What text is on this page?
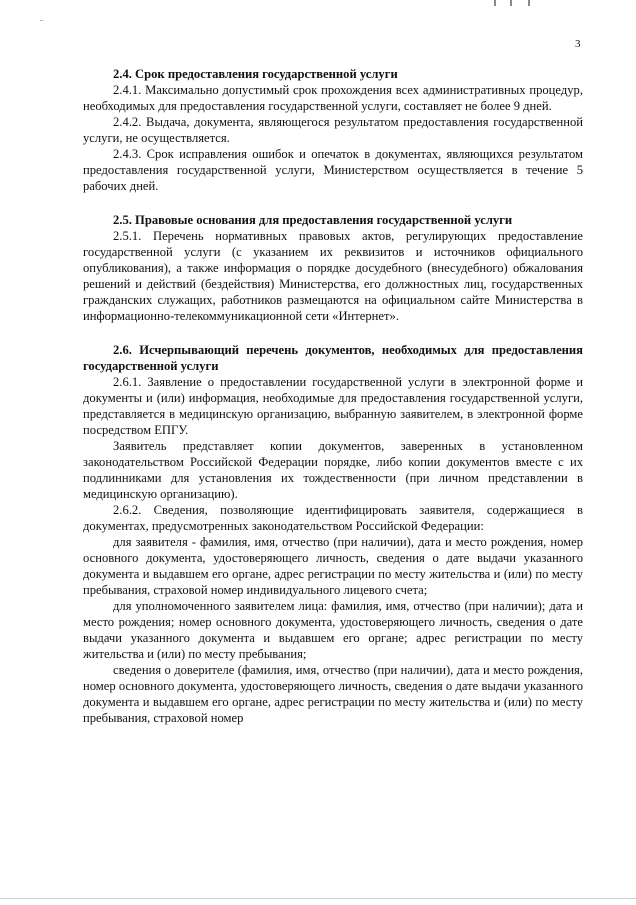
3

2.4. Срок предоставления государственной услуги

2.4.1. Максимально допустимый срок прохождения всех административных процедур, необходимых для предоставления государственной услуги, составляет не более 9 дней.

2.4.2. Выдача, документа, являющегося результатом предоставления государственной услуги, не осуществляется.

2.4.3. Срок исправления ошибок и опечаток в документах, являющихся результатом предоставления государственной услуги, Министерством осуществляется в течение 5 рабочих дней.

2.5. Правовые основания для предоставления государственной услуги

2.5.1. Перечень нормативных правовых актов, регулирующих предоставление государственной услуги (с указанием их реквизитов и источников официального опубликования), а также информация о порядке досудебного (внесудебного) обжалования решений и действий (бездействия) Министерства, его должностных лиц, государственных гражданских служащих, работников размещаются на официальном сайте Министерства в информационно-телекоммуникационной сети «Интернет».

2.6. Исчерпывающий перечень документов, необходимых для предоставления государственной услуги

2.6.1. Заявление о предоставлении государственной услуги в электронной форме и документы и (или) информация, необходимые для предоставления государственной услуги, представляется в медицинскую организацию, выбранную заявителем, в электронной форме посредством ЕПГУ.

Заявитель представляет копии документов, заверенных в установленном законодательством Российской Федерации порядке, либо копии документов вместе с их подлинниками для установления их тождественности (при личном представлении в медицинскую организацию).

2.6.2. Сведения, позволяющие идентифицировать заявителя, содержащиеся в документах, предусмотренных законодательством Российской Федерации:

для заявителя - фамилия, имя, отчество (при наличии), дата и место рождения, номер основного документа, удостоверяющего личность, сведения о дате выдачи указанного документа и выдавшем его органе, адрес регистрации по месту жительства и (или) по месту пребывания, страховой номер индивидуального лицевого счета;

для уполномоченного заявителем лица: фамилия, имя, отчество (при наличии); дата и место рождения; номер основного документа, удостоверяющего личность, сведения о дате выдачи указанного документа и выдавшем его органе; адрес регистрации по месту жительства и (или) по месту пребывания;

сведения о доверителе (фамилия, имя, отчество (при наличии), дата и место рождения, номер основного документа, удостоверяющего личность, сведения о дате выдачи указанного документа и выдавшем его органе, адрес регистрации по месту жительства и (или) по месту пребывания, страховой номер
